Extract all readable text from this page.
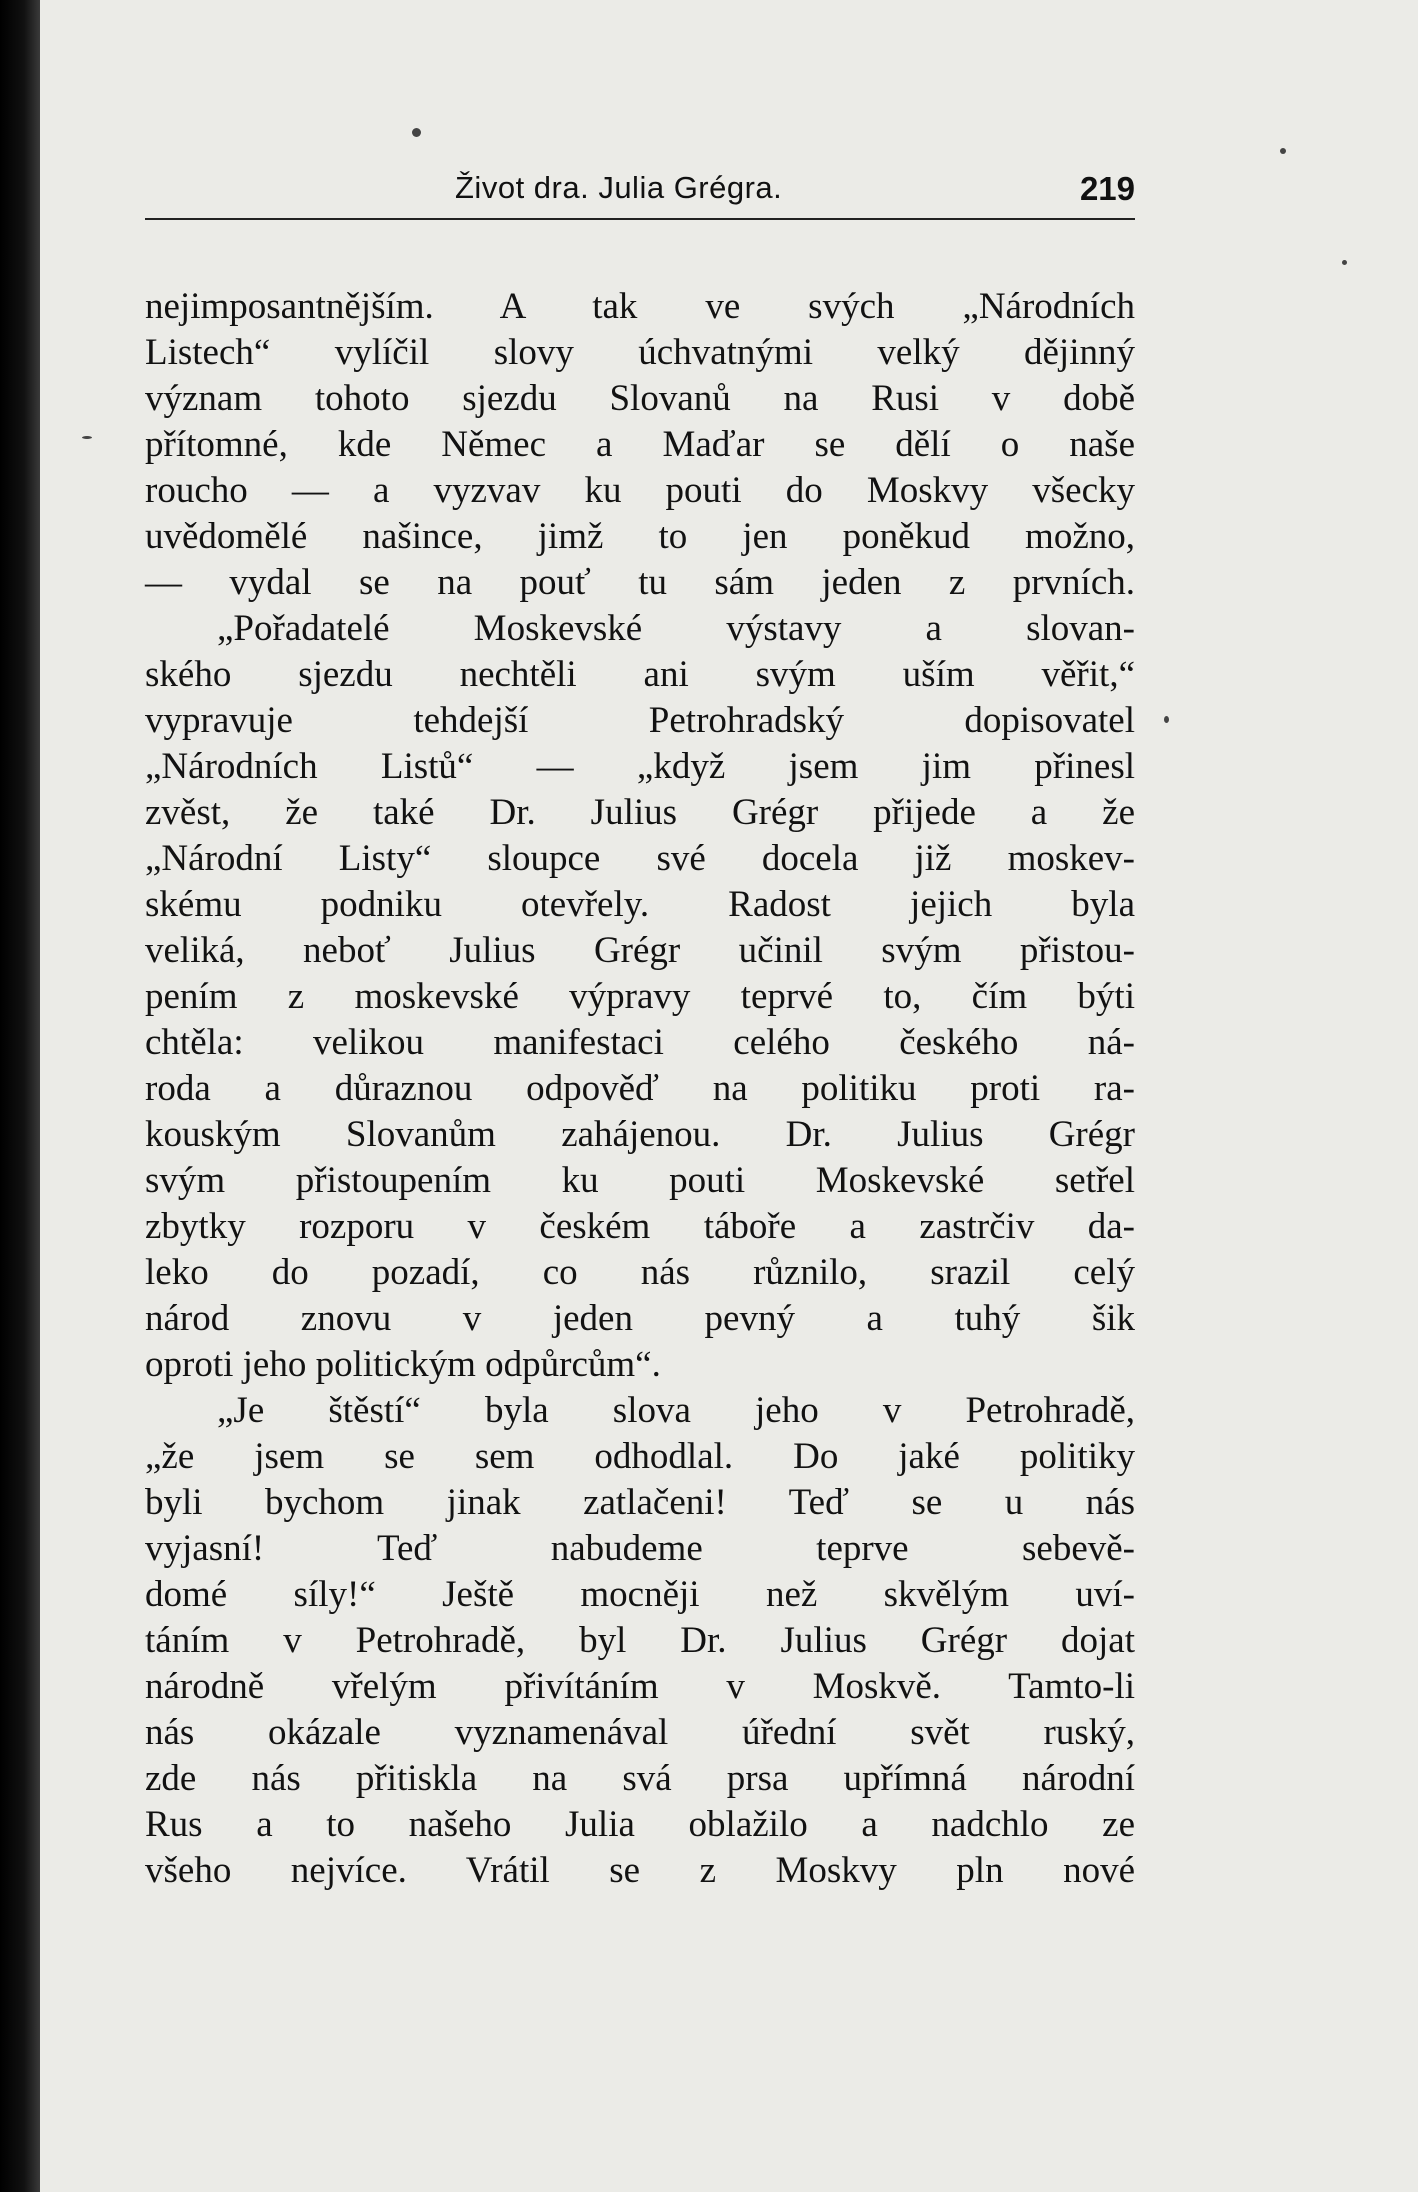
Život dra. Julia Grégra.	219
nejimposantnějším. A tak ve svých „Národních
Listech“ vylíčil slovy úchvatnými velký dějinný
význam tohoto sjezdu Slovanů na Rusi v době
přítomné, kde Němec a Maďar se dělí o naše
roucho — a vyzvav ku pouti do Moskvy všecky
uvědomělé našince, jimž to jen poněkud možno,
— vydal se na pouť tu sám jeden z prvních.
„Pořadatelé Moskevské výstavy a slovan-
ského sjezdu nechtěli ani svým uším věřit,“
vypravuje tehdejší Petrohradský dopisovatel
„Národních Listů“ — „když jsem jim přinesl
zvěst, že také Dr. Julius Grégr přijede a že
„Národní Listy“ sloupce své docela již moskev-
skému podniku otevřely. Radost jejich byla
veliká, neboť Julius Grégr učinil svým přistou-
pením z moskevské výpravy teprvé to, čím býti
chtěla: velikou manifestaci celého českého ná-
roda a důraznou odpověď na politiku proti ra-
kouským Slovanům zahájenou. Dr. Julius Grégr
svým přistoupením ku pouti Moskevské setřel
zbytky rozporu v českém táboře a zastrčiv da-
leko do pozadí, co nás různilo, srazil celý
národ znovu v jeden pevný a tuhý šik
oproti jeho politickým odpůrcům“.
„Je štěstí“ byla slova jeho v Petrohradě,
„že jsem se sem odhodlal. Do jaké politiky
byli bychom jinak zatlačeni! Teď se u nás
vyjasní! Teď nabudeme teprve sebevě-
domé síly!“ Ještě mocněji než skvělým uví-
táním v Petrohradě, byl Dr. Julius Grégr dojat
národně vřelým přivítáním v Moskvě. Tamto-li
nás okázale vyznamenával úřední svět ruský,
zde nás přitiskla na svá prsa upřímná národní
Rus a to našeho Julia oblažilo a nadchlo ze
všeho nejvíce. Vrátil se z Moskvy pln nové
